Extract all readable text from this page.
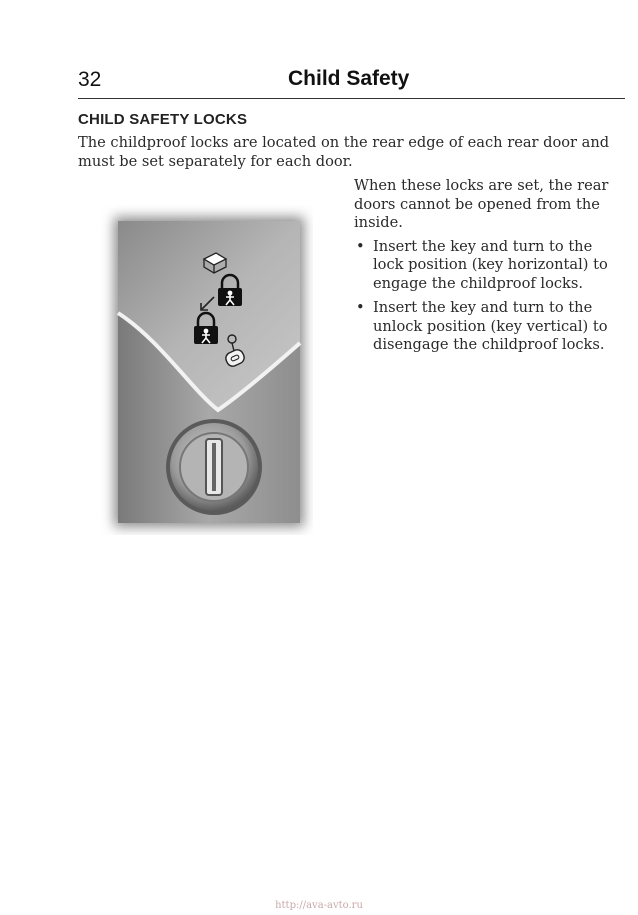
32	Child Safety
CHILD SAFETY LOCKS

The childproof locks are located on the rear edge of each rear door and must be set separately for each door.

When these locks are set, the rear doors cannot be opened from the inside.

• Insert the key and turn to the lock position (key horizontal) to engage the childproof locks.
• Insert the key and turn to the unlock position (key vertical) to disengage the childproof locks.
http://ava-avto.ru
